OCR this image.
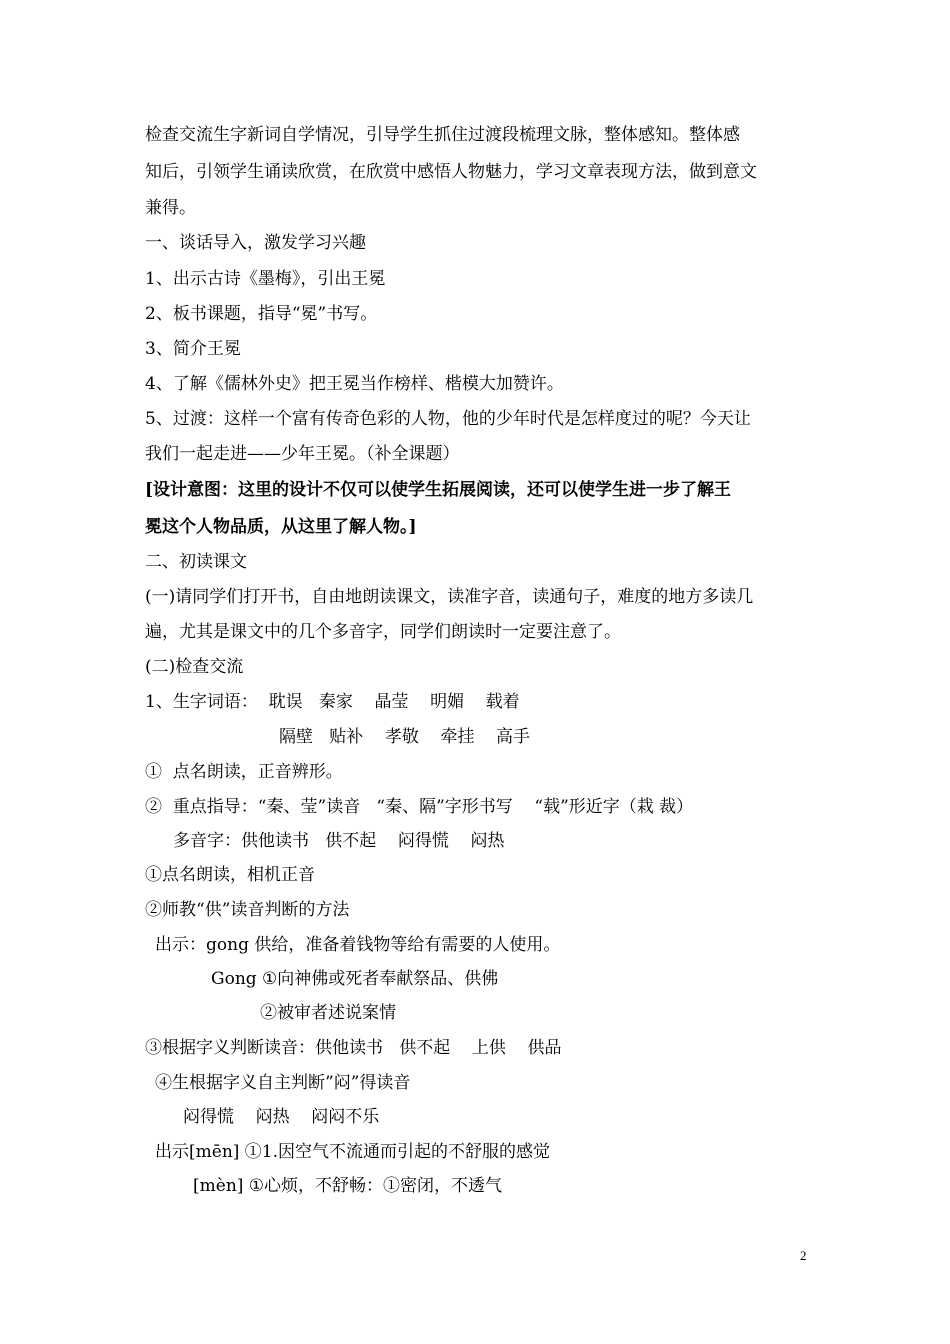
检查交流生字新词自学情况，引导学生抓住过渡段梳理文脉，整体感知。整体感
知后，引领学生诵读欣赏，在欣赏中感悟人物魅力，学习文章表现方法，做到意文
兼得。
一、谈话导入，激发学习兴趣
1、出示古诗《墨梅》，引出王冕
2、板书课题，指导“冕”书写。
3、简介王冕
4、了解《儒林外史》把王冕当作榜样、楷模大加赞许。
5、过渡：这样一个富有传奇色彩的人物，他的少年时代是怎样度过的呢？今天让
我们一起走进——少年王冕。（补全课题）
[设计意图：这里的设计不仅可以使学生拓展阅读，还可以使学生进一步了解王
冕这个人物品质，从这里了解人物。]
二、初读课文
(一)请同学们打开书，自由地朗读课文，读准字音，读通句子，难度的地方多读几
遍，尤其是课文中的几个多音字，同学们朗读时一定要注意了。
(二)检查交流
1、生字词语：  耽误   秦家    晶莹    明媚    载着
隔壁   贴补    孝敬    牵挂    高手
①  点名朗读，正音辨形。
②  重点指导：“秦、莹”读音   “秦、隔”字形书写    “载”形近字（栽 裁）
多音字：供他读书   供不起    闷得慌    闷热
①点名朗读，相机正音
②师教“供”读音判断的方法
出示：gong 供给，准备着钱物等给有需要的人使用。
Gong ①向神佛或死者奉献祭品、供佛
②被审者述说案情
③根据字义判断读音：供他读书   供不起    上供    供品
④生根据字义自主判断”闷”得读音
闷得慌    闷热    闷闷不乐
出示[mēn] ①1.因空气不流通而引起的不舒服的感觉
[mèn] ①心烦，不舒畅：①密闭，不透气
2
